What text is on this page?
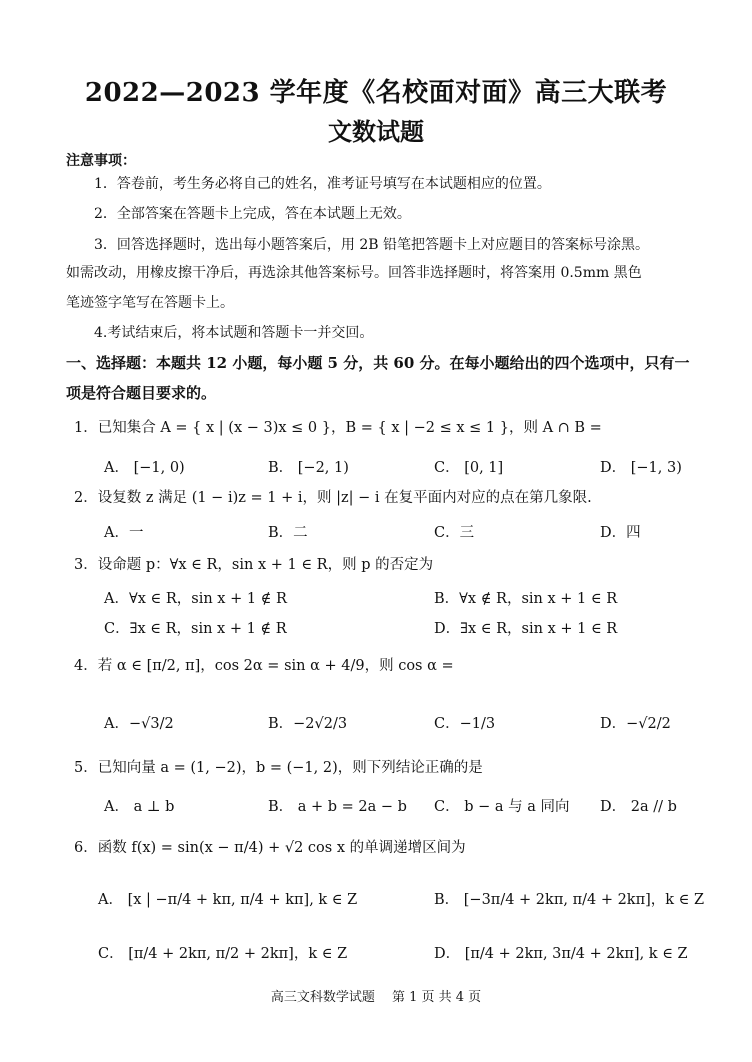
2022—2023 学年度《名校面对面》高三大联考
文数试题
注意事项：
1．答卷前，考生务必将自己的姓名，准考证号填写在本试题相应的位置。
2．全部答案在答题卡上完成，答在本试题上无效。
3．回答选择题时，选出每小题答案后，用 2B 铅笔把答题卡上对应题目的答案标号涂黑。
如需改动，用橡皮擦干净后，再选涂其他答案标号。回答非选择题时，将答案用 0.5mm 黑色
笔迹签字笔写在答题卡上。
4.考试结束后，将本试题和答题卡一并交回。
一、选择题：本题共 12 小题，每小题 5 分，共 60 分。在每小题给出的四个选项中，只有一
项是符合题目要求的。
1．已知集合 A = { x | (x − 3)x ≤ 0 }，B = { x | −2 ≤ x ≤ 1 }，则 A ∩ B =
A． [−1, 0)	B． [−2, 1)	C． [0, 1]	D． [−1, 3)
2．设复数 z 满足 (1 − i)z = 1 + i，则 |z| − i 在复平面内对应的点在第几象限.
A．一	B．二	C．三	D．四
3．设命题 p：∀x ∈ R，sin x + 1 ∈ R，则 p 的否定为
A．∀x ∈ R，sin x + 1 ∉ R	B．∀x ∉ R，sin x + 1 ∈ R
C．∃x ∈ R，sin x + 1 ∉ R	D．∃x ∈ R，sin x + 1 ∈ R
4．若 α ∈ [π/2, π]，cos 2α = sin α + 4/9，则 cos α =
A．−√3/2	B．−2√2/3	C．−1/3	D．−√2/2
5．已知向量 a = (1, −2)，b = (−1, 2)，则下列结论正确的是
A． a ⊥ b	B． a + b = 2a − b C． b − a 与 a 同向 D． 2a // b
6．函数 f(x) = sin(x − π/4) + √2 cos x 的单调递增区间为
A． [x | −π/4 + kπ, π/4 + kπ], k ∈ Z	B． [−3π/4 + 2kπ, π/4 + 2kπ]，k ∈ Z
C． [π/4 + 2kπ, π/2 + 2kπ]，k ∈ Z	D． [π/4 + 2kπ, 3π/4 + 2kπ], k ∈ Z
高三文科数学试题　 第 1 页 共 4 页
